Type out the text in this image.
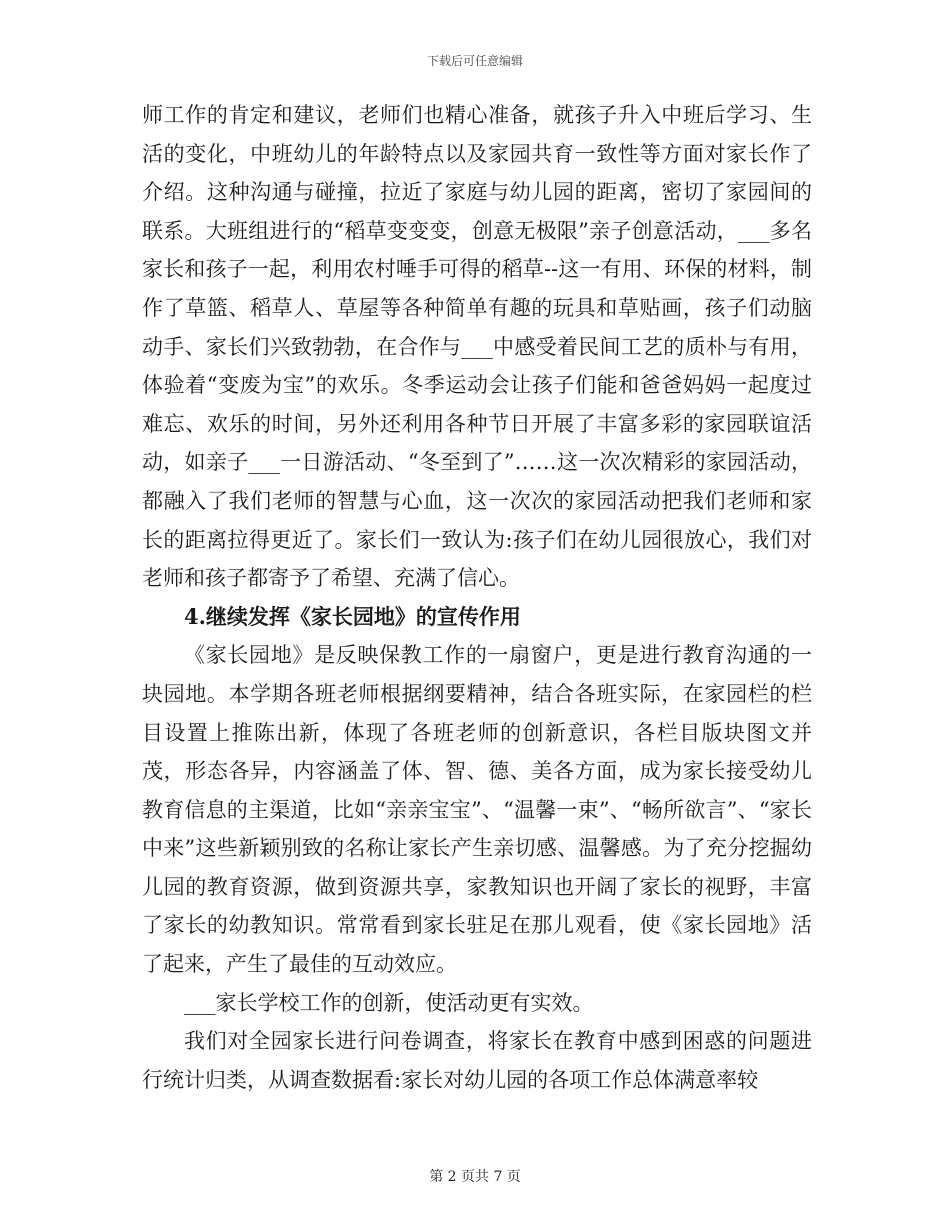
下载后可任意编辑

师工作的肯定和建议，老师们也精心准备，就孩子升入中班后学习、生活的变化，中班幼儿的年龄特点以及家园共育一致性等方面对家长作了介绍。这种沟通与碰撞，拉近了家庭与幼儿园的距离，密切了家园间的联系。大班组进行的“稻草变变变，创意无极限”亲子创意活动，___多名家长和孩子一起，利用农村唾手可得的稻草--这一有用、环保的材料，制作了草篮、稻草人、草屋等各种简单有趣的玩具和草贴画，孩子们动脑动手、家长们兴致勃勃，在合作与___中感受着民间工艺的质朴与有用，体验着“变废为宝”的欢乐。冬季运动会让孩子们能和爸爸妈妈一起度过难忘、欢乐的时间，另外还利用各种节日开展了丰富多彩的家园联谊活动，如亲子___一日游活动、“冬至到了”……这一次次精彩的家园活动，都融入了我们老师的智慧与心血，这一次次的家园活动把我们老师和家长的距离拉得更近了。家长们一致认为:孩子们在幼儿园很放心，我们对老师和孩子都寄予了希望、充满了信心。

4.继续发挥《家长园地》的宣传作用

《家长园地》是反映保教工作的一扇窗户，更是进行教育沟通的一块园地。本学期各班老师根据纲要精神，结合各班实际，在家园栏的栏目设置上推陈出新，体现了各班老师的创新意识，各栏目版块图文并茂，形态各异，内容涵盖了体、智、德、美各方面，成为家长接受幼儿教育信息的主渠道，比如“亲亲宝宝”、“温馨一束”、“畅所欲言”、“家长中来”这些新颖别致的名称让家长产生亲切感、温馨感。为了充分挖掘幼儿园的教育资源，做到资源共享，家教知识也开阔了家长的视野，丰富了家长的幼教知识。常常看到家长驻足在那儿观看，使《家长园地》活了起来，产生了最佳的互动效应。

___家长学校工作的创新，使活动更有实效。

我们对全园家长进行问卷调查，将家长在教育中感到困惑的问题进行统计归类，从调查数据看:家长对幼儿园的各项工作总体满意率较

第 2 页共 7 页
